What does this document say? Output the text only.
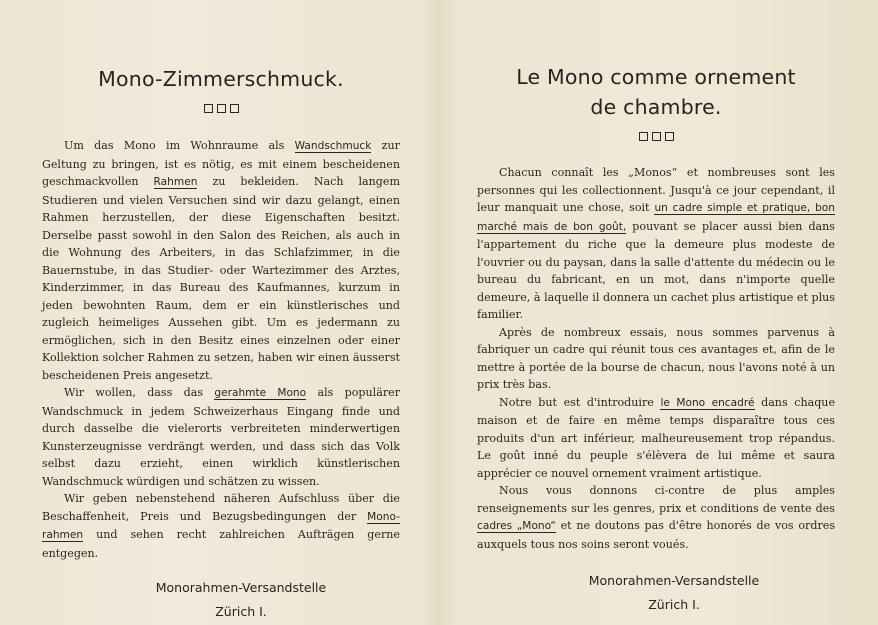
Mono-Zimmerschmuck.

Um das Mono im Wohnraume als Wandschmuck zur Geltung zu bringen, ist es nötig, es mit einem bescheidenen geschmackvollen Rahmen zu bekleiden. Nach langem Studieren und vielen Versuchen sind wir dazu gelangt, einen Rahmen herzustellen, der diese Eigenschaften besitzt. Derselbe passt sowohl in den Salon des Reichen, als auch in die Wohnung des Arbeiters, in das Schlafzimmer, in die Bauernstube, in das Studier- oder Wartezimmer des Arztes, Kinderzimmer, in das Bureau des Kaufmannes, kurzum in jeden bewohnten Raum, dem er ein künstlerisches und zugleich heimeliges Aussehen gibt. Um es jedermann zu ermöglichen, sich in den Besitz eines einzelnen oder einer Kollektion solcher Rahmen zu setzen, haben wir einen äusserst bescheidenen Preis angesetzt.

Wir wollen, dass das gerahmte Mono als populärer Wandschmuck in jedem Schweizerhaus Eingang finde und durch dasselbe die vielerorts verbreiteten minderwertigen Kunsterzeugnisse verdrängt werden, und dass sich das Volk selbst dazu erzieht, einen wirklich künstlerischen Wandschmuck würdigen und schätzen zu wissen.

Wir geben nebenstehend näheren Aufschluss über die Beschaffenheit, Preis und Bezugsbedingungen der Mono-rahmen und sehen recht zahlreichen Aufträgen gerne entgegen.

Monorahmen-Versandstelle
Zürich I.
Le Mono comme ornement
de chambre.

Chacun connaît les „Monos“ et nombreuses sont les personnes qui les collectionnent. Jusqu'à ce jour cependant, il leur manquait une chose, soit un cadre simple et pratique, bon marché mais de bon goût, pouvant se placer aussi bien dans l'appartement du riche que la demeure plus modeste de l'ouvrier ou du paysan, dans la salle d'attente du médecin ou le bureau du fabricant, en un mot, dans n'importe quelle demeure, à laquelle il donnera un cachet plus artistique et plus familier.

Après de nombreux essais, nous sommes parvenus à fabriquer un cadre qui réunit tous ces avantages et, afin de le mettre à portée de la bourse de chacun, nous l'avons noté à un prix très bas.

Notre but est d'introduire le Mono encadré dans chaque maison et de faire en même temps disparaître tous ces produits d'un art inférieur, malheureusement trop répandus. Le goût inné du peuple s'élèvera de lui même et saura apprécier ce nouvel ornement vraiment artistique.

Nous vous donnons ci-contre de plus amples renseignements sur les genres, prix et conditions de vente des cadres „Mono“ et ne doutons pas d'être honorés de vos ordres auxquels tous nos soins seront voués.

Monorahmen-Versandstelle
Zürich I.
